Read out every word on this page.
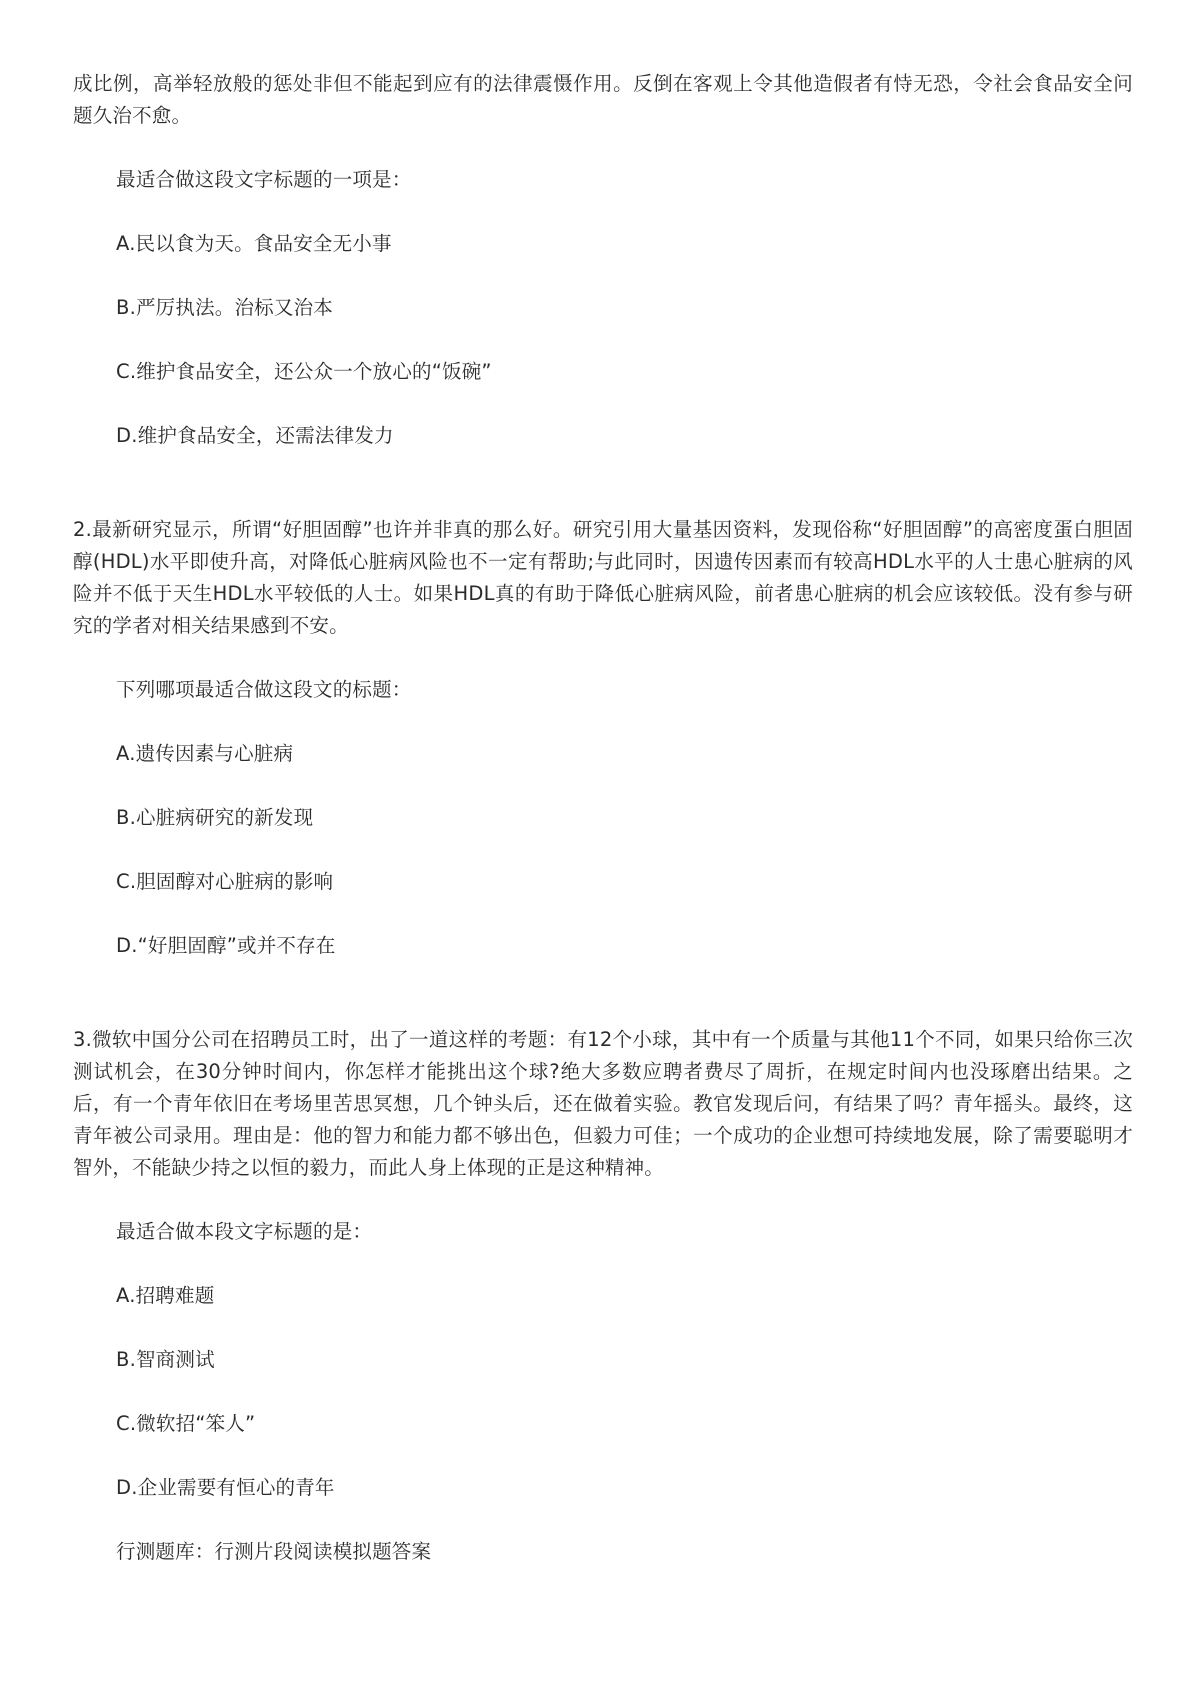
成比例，高举轻放般的惩处非但不能起到应有的法律震慑作用。反倒在客观上令其他造假者有恃无恐，令社会食品安全问题久治不愈。

最适合做这段文字标题的一项是：

A.民以食为天。食品安全无小事

B.严厉执法。治标又治本

C.维护食品安全，还公众一个放心的“饭碗”

D.维护食品安全，还需法律发力

2.最新研究显示，所谓“好胆固醇”也许并非真的那么好。研究引用大量基因资料，发现俗称“好胆固醇”的高密度蛋白胆固醇(HDL)水平即使升高，对降低心脏病风险也不一定有帮助;与此同时，因遗传因素而有较高HDL水平的人士患心脏病的风险并不低于天生HDL水平较低的人士。如果HDL真的有助于降低心脏病风险，前者患心脏病的机会应该较低。没有参与研究的学者对相关结果感到不安。

下列哪项最适合做这段文的标题：

A.遗传因素与心脏病

B.心脏病研究的新发现

C.胆固醇对心脏病的影响

D.“好胆固醇”或并不存在

3.微软中国分公司在招聘员工时，出了一道这样的考题：有12个小球，其中有一个质量与其他11个不同，如果只给你三次测试机会，在30分钟时间内，你怎样才能挑出这个球?绝大多数应聘者费尽了周折，在规定时间内也没琢磨出结果。之后，有一个青年依旧在考场里苦思冥想，几个钟头后，还在做着实验。教官发现后问，有结果了吗？青年摇头。最终，这青年被公司录用。理由是：他的智力和能力都不够出色，但毅力可佳；一个成功的企业想可持续地发展，除了需要聪明才智外，不能缺少持之以恒的毅力，而此人身上体现的正是这种精神。

最适合做本段文字标题的是：

A.招聘难题

B.智商测试

C.微软招“笨人”

D.企业需要有恒心的青年

行测题库：行测片段阅读模拟题答案
